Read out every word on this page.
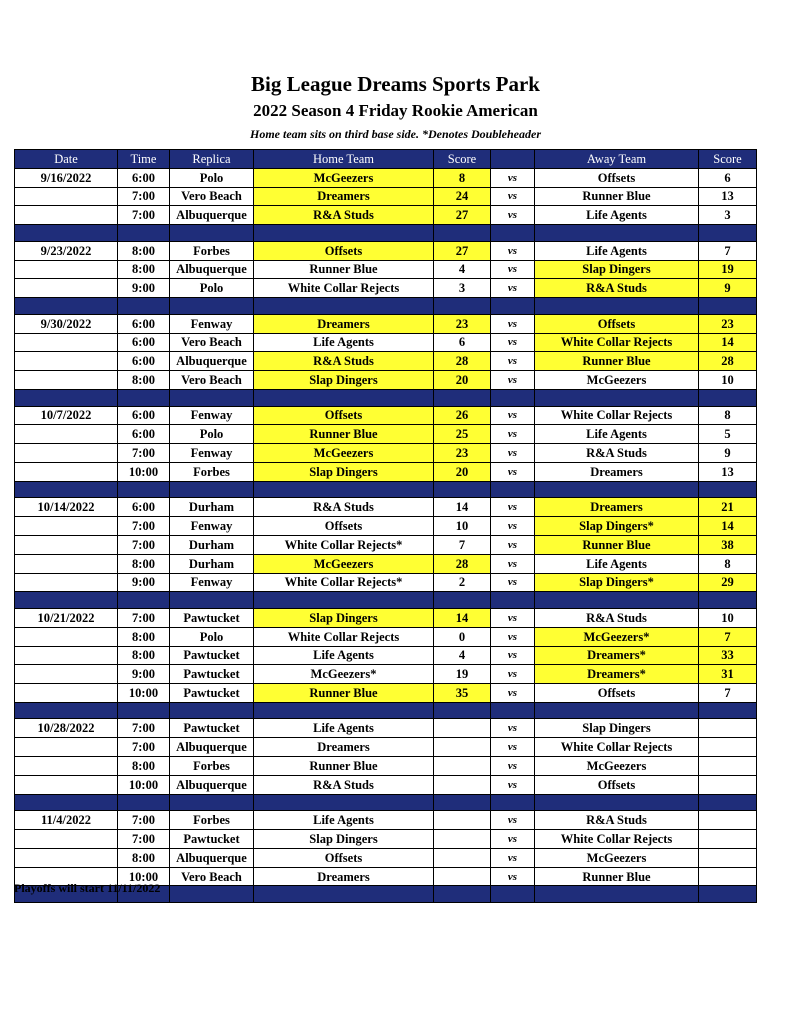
Big League Dreams Sports Park
2022 Season 4 Friday Rookie American
Home team sits on third base side. *Denotes Doubleheader
Date	Time	Replica	Home Team	Score		Away Team	Score
9/16/2022	6:00	Polo	McGeezers	8	vs	Offsets	6
	7:00	Vero Beach	Dreamers	24	vs	Runner Blue	13
	7:00	Albuquerque	R&A Studs	27	vs	Life Agents	3

9/23/2022	8:00	Forbes	Offsets	27	vs	Life Agents	7
	8:00	Albuquerque	Runner Blue	4	vs	Slap Dingers	19
	9:00	Polo	White Collar Rejects	3	vs	R&A Studs	9

9/30/2022	6:00	Fenway	Dreamers	23	vs	Offsets	23
	6:00	Vero Beach	Life Agents	6	vs	White Collar Rejects	14
	6:00	Albuquerque	R&A Studs	28	vs	Runner Blue	28
	8:00	Vero Beach	Slap Dingers	20	vs	McGeezers	10

10/7/2022	6:00	Fenway	Offsets	26	vs	White Collar Rejects	8
	6:00	Polo	Runner Blue	25	vs	Life Agents	5
	7:00	Fenway	McGeezers	23	vs	R&A Studs	9
	10:00	Forbes	Slap Dingers	20	vs	Dreamers	13

10/14/2022	6:00	Durham	R&A Studs	14	vs	Dreamers	21
	7:00	Fenway	Offsets	10	vs	Slap Dingers*	14
	7:00	Durham	White Collar Rejects*	7	vs	Runner Blue	38
	8:00	Durham	McGeezers	28	vs	Life Agents	8
	9:00	Fenway	White Collar Rejects*	2	vs	Slap Dingers*	29

10/21/2022	7:00	Pawtucket	Slap Dingers	14	vs	R&A Studs	10
	8:00	Polo	White Collar Rejects	0	vs	McGeezers*	7
	8:00	Pawtucket	Life Agents	4	vs	Dreamers*	33
	9:00	Pawtucket	McGeezers*	19	vs	Dreamers*	31
	10:00	Pawtucket	Runner Blue	35	vs	Offsets	7

10/28/2022	7:00	Pawtucket	Life Agents		vs	Slap Dingers	
	7:00	Albuquerque	Dreamers		vs	White Collar Rejects	
	8:00	Forbes	Runner Blue		vs	McGeezers	
	10:00	Albuquerque	R&A Studs		vs	Offsets	

11/4/2022	7:00	Forbes	Life Agents		vs	R&A Studs	
	7:00	Pawtucket	Slap Dingers		vs	White Collar Rejects	
	8:00	Albuquerque	Offsets		vs	McGeezers	
	10:00	Vero Beach	Dreamers		vs	Runner Blue	

Playoffs will start 11/11/2022
